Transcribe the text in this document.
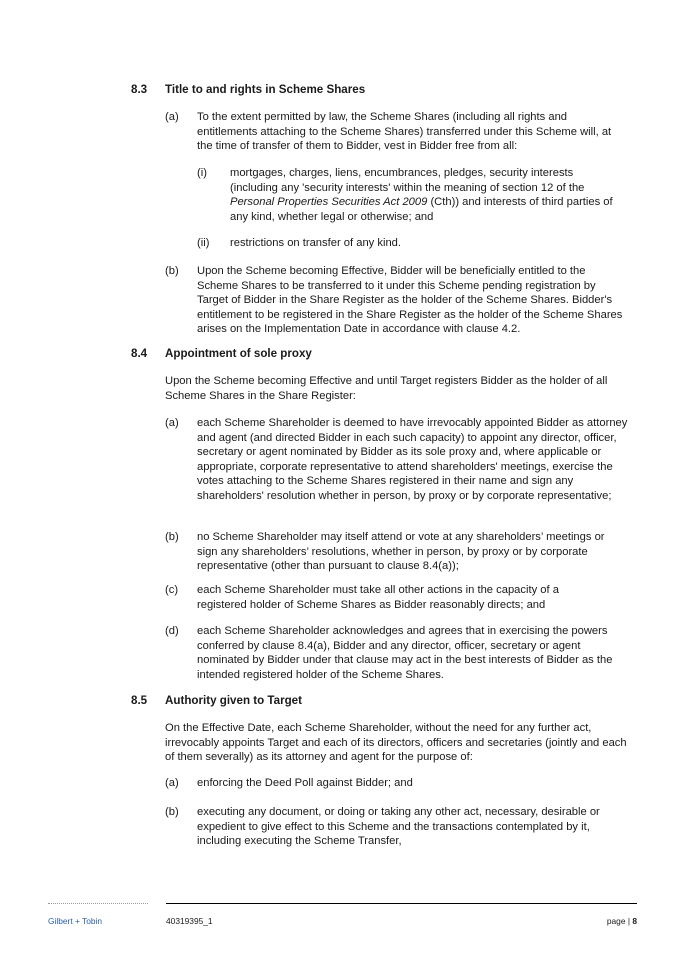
8.3	Title to and rights in Scheme Shares
(a) To the extent permitted by law, the Scheme Shares (including all rights and entitlements attaching to the Scheme Shares) transferred under this Scheme will, at the time of transfer of them to Bidder, vest in Bidder free from all:
(i) mortgages, charges, liens, encumbrances, pledges, security interests (including any 'security interests' within the meaning of section 12 of the Personal Properties Securities Act 2009 (Cth)) and interests of third parties of any kind, whether legal or otherwise; and
(ii) restrictions on transfer of any kind.
(b) Upon the Scheme becoming Effective, Bidder will be beneficially entitled to the Scheme Shares to be transferred to it under this Scheme pending registration by Target of Bidder in the Share Register as the holder of the Scheme Shares. Bidder's entitlement to be registered in the Share Register as the holder of the Scheme Shares arises on the Implementation Date in accordance with clause 4.2.
8.4	Appointment of sole proxy
Upon the Scheme becoming Effective and until Target registers Bidder as the holder of all Scheme Shares in the Share Register:
(a) each Scheme Shareholder is deemed to have irrevocably appointed Bidder as attorney and agent (and directed Bidder in each such capacity) to appoint any director, officer, secretary or agent nominated by Bidder as its sole proxy and, where applicable or appropriate, corporate representative to attend shareholders' meetings, exercise the votes attaching to the Scheme Shares registered in their name and sign any shareholders' resolution whether in person, by proxy or by corporate representative;
(b) no Scheme Shareholder may itself attend or vote at any shareholders’ meetings or sign any shareholders’ resolutions, whether in person, by proxy or by corporate representative (other than pursuant to clause 8.4(a));
(c) each Scheme Shareholder must take all other actions in the capacity of a registered holder of Scheme Shares as Bidder reasonably directs; and
(d) each Scheme Shareholder acknowledges and agrees that in exercising the powers conferred by clause 8.4(a), Bidder and any director, officer, secretary or agent nominated by Bidder under that clause may act in the best interests of Bidder as the intended registered holder of the Scheme Shares.
8.5	Authority given to Target
On the Effective Date, each Scheme Shareholder, without the need for any further act, irrevocably appoints Target and each of its directors, officers and secretaries (jointly and each of them severally) as its attorney and agent for the purpose of:
(a) enforcing the Deed Poll against Bidder; and
(b) executing any document, or doing or taking any other act, necessary, desirable or expedient to give effect to this Scheme and the transactions contemplated by it, including executing the Scheme Transfer,
Gilbert + Tobin	40319395_1	page | 8
